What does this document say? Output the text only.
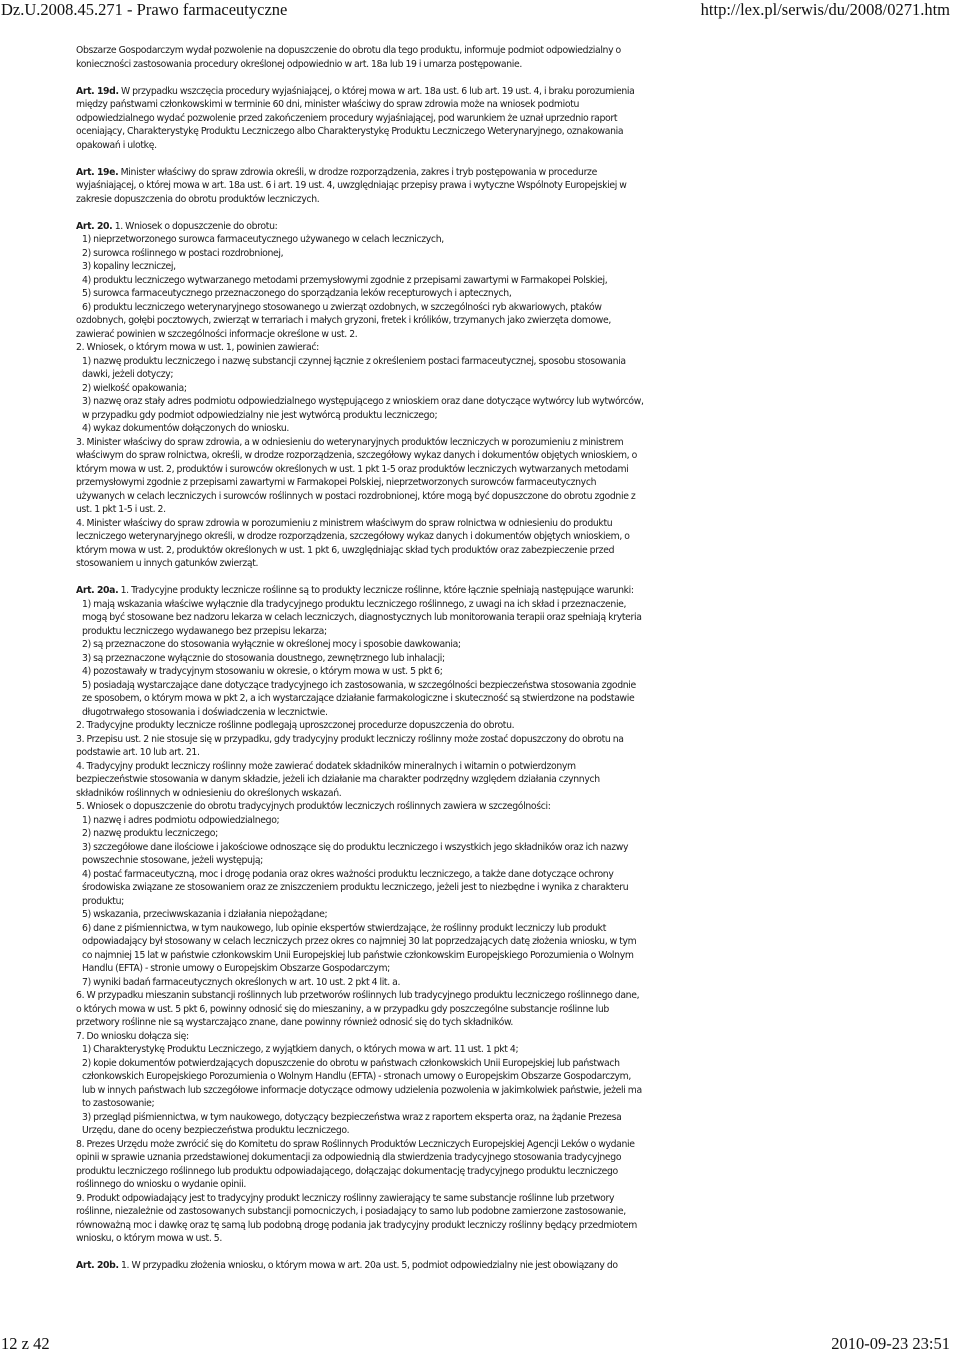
Dz.U.2008.45.271 - Prawo farmaceutyczne	http://lex.pl/serwis/du/2008/0271.htm

Obszarze Gospodarczym wydał pozwolenie na dopuszczenie do obrotu dla tego produktu, informuje podmiot odpowiedzialny o konieczności zastosowania procedury określonej odpowiednio w art. 18a lub 19 i umarza postępowanie.

Art. 19d. W przypadku wszczęcia procedury wyjaśniającej, o której mowa w art. 18a ust. 6 lub art. 19 ust. 4, i braku porozumienia między państwami członkowskimi w terminie 60 dni, minister właściwy do spraw zdrowia może na wniosek podmiotu odpowiedzialnego wydać pozwolenie przed zakończeniem procedury wyjaśniającej, pod warunkiem że uznał uprzednio raport oceniający, Charakterystykę Produktu Leczniczego albo Charakterystykę Produktu Leczniczego Weterynaryjnego, oznakowania opakowań i ulotkę.

Art. 19e. Minister właściwy do spraw zdrowia określi, w drodze rozporządzenia, zakres i tryb postępowania w procedurze wyjaśniającej, o której mowa w art. 18a ust. 6 i art. 19 ust. 4, uwzględniając przepisy prawa i wytyczne Wspólnoty Europejskiej w zakresie dopuszczenia do obrotu produktów leczniczych.

Art. 20. 1. Wniosek o dopuszczenie do obrotu:

1) nieprzetworzonego surowca farmaceutycznego używanego w celach leczniczych,

2) surowca roślinnego w postaci rozdrobnionej,

3) kopaliny leczniczej,

4) produktu leczniczego wytwarzanego metodami przemysłowymi zgodnie z przepisami zawartymi w Farmakopei Polskiej,

5) surowca farmaceutycznego przeznaczonego do sporządzania leków recepturowych i aptecznych,

6) produktu leczniczego weterynaryjnego stosowanego u zwierząt ozdobnych, w szczególności ryb akwariowych, ptaków

ozdobnych, gołębi pocztowych, zwierząt w terrariach i małych gryzoni, fretek i królików, trzymanych jako zwierzęta domowe, zawierać powinien w szczególności informacje określone w ust. 2.

2. Wniosek, o którym mowa w ust. 1, powinien zawierać:

1) nazwę produktu leczniczego i nazwę substancji czynnej łącznie z określeniem postaci farmaceutycznej, sposobu stosowania dawki, jeżeli dotyczy;

2) wielkość opakowania;

3) nazwę oraz stały adres podmiotu odpowiedzialnego występującego z wnioskiem oraz dane dotyczące wytwórcy lub wytwórców, w przypadku gdy podmiot odpowiedzialny nie jest wytwórcą produktu leczniczego;

4) wykaz dokumentów dołączonych do wniosku.

3. Minister właściwy do spraw zdrowia, a w odniesieniu do weterynaryjnych produktów leczniczych w porozumieniu z ministrem właściwym do spraw rolnictwa, określi, w drodze rozporządzenia, szczegółowy wykaz danych i dokumentów objętych wnioskiem, o którym mowa w ust. 2, produktów i surowców określonych w ust. 1 pkt 1-5 oraz produktów leczniczych wytwarzanych metodami przemysłowymi zgodnie z przepisami zawartymi w Farmakopei Polskiej, nieprzetworzonych surowców farmaceutycznych używanych w celach leczniczych i surowców roślinnych w postaci rozdrobnionej, które mogą być dopuszczone do obrotu zgodnie z ust. 1 pkt 1-5 i ust. 2.

4. Minister właściwy do spraw zdrowia w porozumieniu z ministrem właściwym do spraw rolnictwa w odniesieniu do produktu leczniczego weterynaryjnego określi, w drodze rozporządzenia, szczegółowy wykaz danych i dokumentów objętych wnioskiem, o którym mowa w ust. 2, produktów określonych w ust. 1 pkt 6, uwzględniając skład tych produktów oraz zabezpieczenie przed stosowaniem u innych gatunków zwierząt.

Art. 20a. 1. Tradycyjne produkty lecznicze roślinne są to produkty lecznicze roślinne, które łącznie spełniają następujące warunki:

1) mają wskazania właściwe wyłącznie dla tradycyjnego produktu leczniczego roślinnego, z uwagi na ich skład i przeznaczenie, mogą być stosowane bez nadzoru lekarza w celach leczniczych, diagnostycznych lub monitorowania terapii oraz spełniają kryteria produktu leczniczego wydawanego bez przepisu lekarza;

2) są przeznaczone do stosowania wyłącznie w określonej mocy i sposobie dawkowania;

3) są przeznaczone wyłącznie do stosowania doustnego, zewnętrznego lub inhalacji;

4) pozostawały w tradycyjnym stosowaniu w okresie, o którym mowa w ust. 5 pkt 6;

5) posiadają wystarczające dane dotyczące tradycyjnego ich zastosowania, w szczególności bezpieczeństwa stosowania zgodnie ze sposobem, o którym mowa w pkt 2, a ich wystarczające działanie farmakologiczne i skuteczność są stwierdzone na podstawie długotrwałego stosowania i doświadczenia w lecznictwie.

2. Tradycyjne produkty lecznicze roślinne podlegają uproszczonej procedurze dopuszczenia do obrotu.

3. Przepisu ust. 2 nie stosuje się w przypadku, gdy tradycyjny produkt leczniczy roślinny może zostać dopuszczony do obrotu na podstawie art. 10 lub art. 21.

4. Tradycyjny produkt leczniczy roślinny może zawierać dodatek składników mineralnych i witamin o potwierdzonym bezpieczeństwie stosowania w danym składzie, jeżeli ich działanie ma charakter podrzędny względem działania czynnych składników roślinnych w odniesieniu do określonych wskazań.

5. Wniosek o dopuszczenie do obrotu tradycyjnych produktów leczniczych roślinnych zawiera w szczególności:

1) nazwę i adres podmiotu odpowiedzialnego;

2) nazwę produktu leczniczego;

3) szczegółowe dane ilościowe i jakościowe odnoszące się do produktu leczniczego i wszystkich jego składników oraz ich nazwy powszechnie stosowane, jeżeli występują;

4) postać farmaceutyczną, moc i drogę podania oraz okres ważności produktu leczniczego, a także dane dotyczące ochrony środowiska związane ze stosowaniem oraz ze zniszczeniem produktu leczniczego, jeżeli jest to niezbędne i wynika z charakteru produktu;

5) wskazania, przeciwwskazania i działania niepożądane;

6) dane z piśmiennictwa, w tym naukowego, lub opinie ekspertów stwierdzające, że roślinny produkt leczniczy lub produkt odpowiadający był stosowany w celach leczniczych przez okres co najmniej 30 lat poprzedzających datę złożenia wniosku, w tym co najmniej 15 lat w państwie członkowskim Unii Europejskiej lub państwie członkowskim Europejskiego Porozumienia o Wolnym Handlu (EFTA) - stronie umowy o Europejskim Obszarze Gospodarczym;

7) wyniki badań farmaceutycznych określonych w art. 10 ust. 2 pkt 4 lit. a.

6. W przypadku mieszanin substancji roślinnych lub przetworów roślinnych lub tradycyjnego produktu leczniczego roślinnego dane, o których mowa w ust. 5 pkt 6, powinny odnosić się do mieszaniny, a w przypadku gdy poszczególne substancje roślinne lub przetwory roślinne nie są wystarczająco znane, dane powinny również odnosić się do tych składników.

7. Do wniosku dołącza się:

1) Charakterystykę Produktu Leczniczego, z wyjątkiem danych, o których mowa w art. 11 ust. 1 pkt 4;

2) kopie dokumentów potwierdzających dopuszczenie do obrotu w państwach członkowskich Unii Europejskiej lub państwach członkowskich Europejskiego Porozumienia o Wolnym Handlu (EFTA) - stronach umowy o Europejskim Obszarze Gospodarczym, lub w innych państwach lub szczegółowe informacje dotyczące odmowy udzielenia pozwolenia w jakimkolwiek państwie, jeżeli ma to zastosowanie;

3) przegląd piśmiennictwa, w tym naukowego, dotyczący bezpieczeństwa wraz z raportem eksperta oraz, na żądanie Prezesa Urzędu, dane do oceny bezpieczeństwa produktu leczniczego.

8. Prezes Urzędu może zwrócić się do Komitetu do spraw Roślinnych Produktów Leczniczych Europejskiej Agencji Leków o wydanie opinii w sprawie uznania przedstawionej dokumentacji za odpowiednią dla stwierdzenia tradycyjnego stosowania tradycyjnego produktu leczniczego roślinnego lub produktu odpowiadającego, dołączając dokumentację tradycyjnego produktu leczniczego roślinnego do wniosku o wydanie opinii.

9. Produkt odpowiadający jest to tradycyjny produkt leczniczy roślinny zawierający te same substancje roślinne lub przetwory roślinne, niezależnie od zastosowanych substancji pomocniczych, i posiadający to samo lub podobne zamierzone zastosowanie, równoważną moc i dawkę oraz tę samą lub podobną drogę podania jak tradycyjny produkt leczniczy roślinny będący przedmiotem wniosku, o którym mowa w ust. 5.

Art. 20b. 1. W przypadku złożenia wniosku, o którym mowa w art. 20a ust. 5, podmiot odpowiedzialny nie jest obowiązany do

12 z 42	2010-09-23 23:51
